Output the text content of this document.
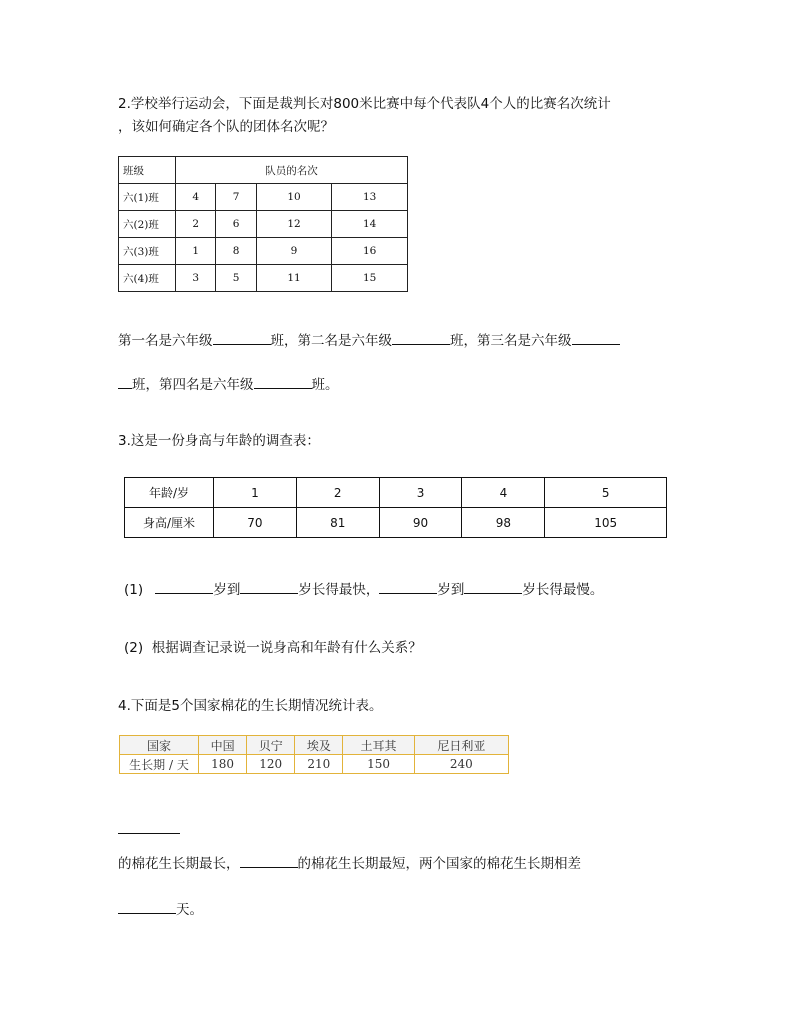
2.学校举行运动会，下面是裁判长对800米比赛中每个代表队4个人的比赛名次统计
，该如何确定各个队的团体名次呢？
班级	队员的名次			
六(1)班	4	7	10	13
六(2)班	2	6	12	14
六(3)班	1	8	9	16
六(4)班	3	5	11	15
第一名是六年级	班，第二名是六年级	班，第三名是六年级
班，第四名是六年级	班。
3.这是一份身高与年龄的调查表：
年龄/岁	1	2	3	4	5
身高/厘米	70	81	90	98	105
(1)	岁到	岁长得最快，	岁到	岁长得最慢。
(2)  根据调查记录说一说身高和年龄有什么关系？
4.下面是5个国家棉花的生长期情况统计表。
国家	中国	贝宁	埃及	土耳其	尼日利亚
生长期 / 天	180	120	210	150	240
的棉花生长期最长，	的棉花生长期最短，两个国家的棉花生长期相差
天。
